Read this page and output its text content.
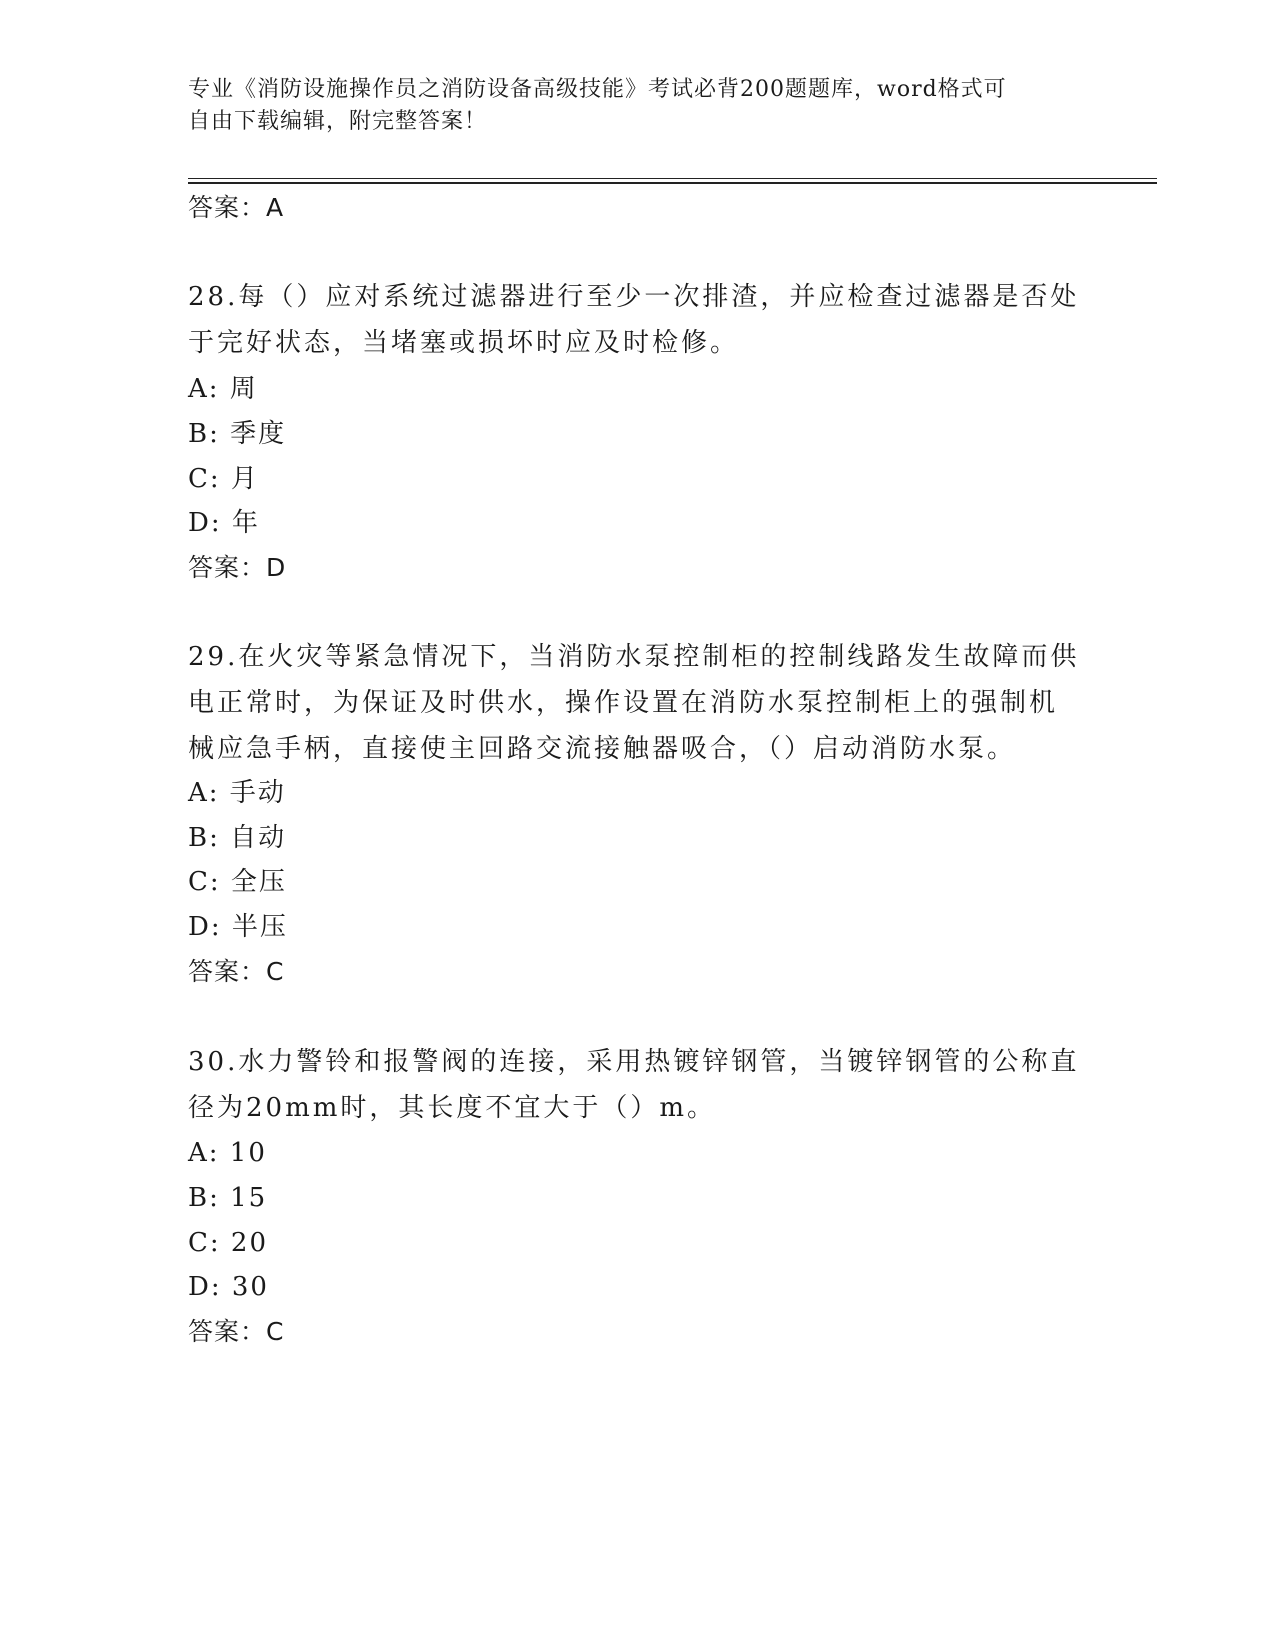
专业《消防设施操作员之消防设备高级技能》考试必背200题题库，word格式可
自由下载编辑，附完整答案！
答案：A
28.每（）应对系统过滤器进行至少一次排渣，并应检查过滤器是否处
于完好状态，当堵塞或损坏时应及时检修。
A: 周
B: 季度
C: 月
D: 年
答案：D
29.在火灾等紧急情况下，当消防水泵控制柜的控制线路发生故障而供
电正常时，为保证及时供水，操作设置在消防水泵控制柜上的强制机
械应急手柄，直接使主回路交流接触器吸合，（）启动消防水泵。
A: 手动
B: 自动
C: 全压
D: 半压
答案：C
30.水力警铃和报警阀的连接，采用热镀锌钢管，当镀锌钢管的公称直
径为20mm时，其长度不宜大于（）m。
A: 10
B: 15
C: 20
D: 30
答案：C
